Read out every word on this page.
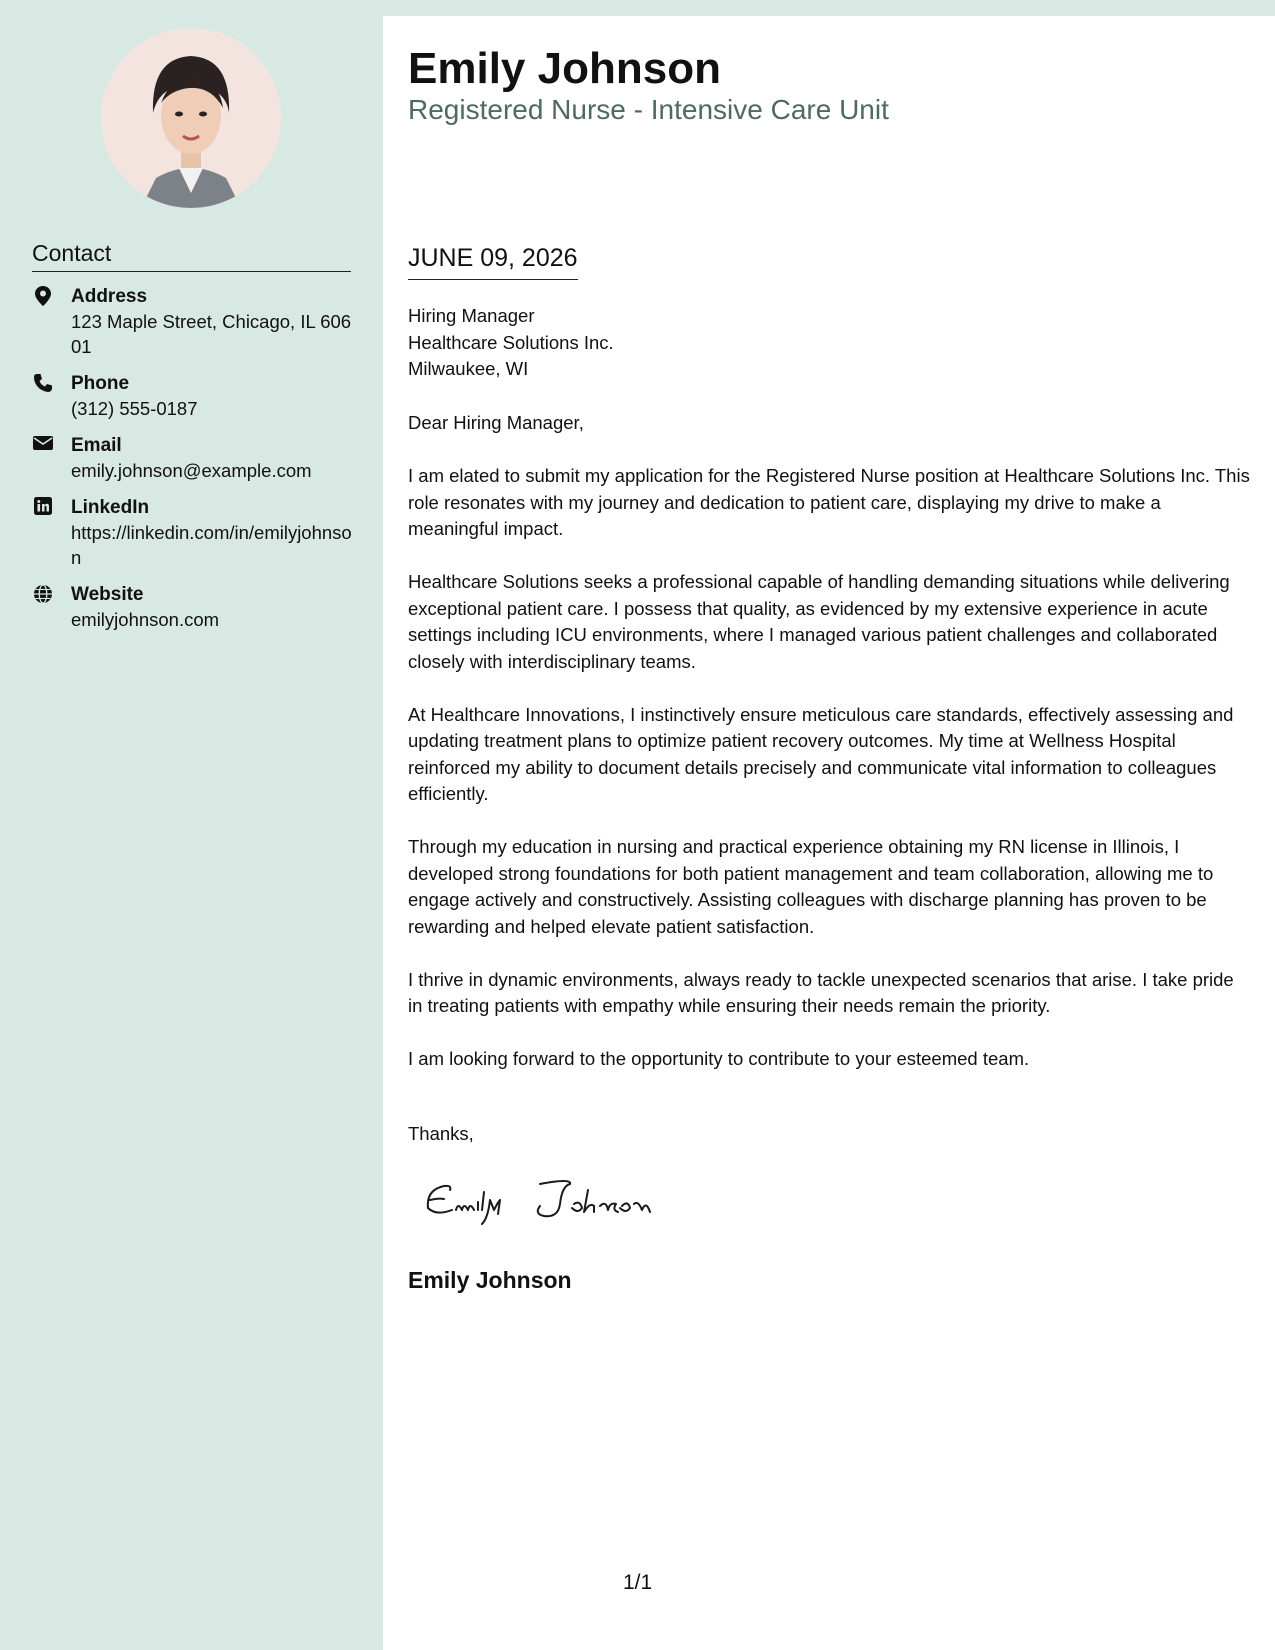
Contact
Address
123 Maple Street, Chicago, IL 60601
Phone
(312) 555-0187
Email
emily.johnson@example.com
LinkedIn
https://linkedin.com/in/emilyjohnson
Website
emilyjohnson.com
Emily Johnson
Registered Nurse - Intensive Care Unit
JUNE 09, 2026
Hiring Manager
Healthcare Solutions Inc.
Milwaukee, WI

Dear Hiring Manager,

I am elated to submit my application for the Registered Nurse position at Healthcare Solutions Inc. This role resonates with my journey and dedication to patient care, displaying my drive to make a meaningful impact.

Healthcare Solutions seeks a professional capable of handling demanding situations while delivering exceptional patient care. I possess that quality, as evidenced by my extensive experience in acute settings including ICU environments, where I managed various patient challenges and collaborated closely with interdisciplinary teams.

At Healthcare Innovations, I instinctively ensure meticulous care standards, effectively assessing and updating treatment plans to optimize patient recovery outcomes. My time at Wellness Hospital reinforced my ability to document details precisely and communicate vital information to colleagues efficiently.

Through my education in nursing and practical experience obtaining my RN license in Illinois, I developed strong foundations for both patient management and team collaboration, allowing me to engage actively and constructively. Assisting colleagues with discharge planning has proven to be rewarding and helped elevate patient satisfaction.

I thrive in dynamic environments, always ready to tackle unexpected scenarios that arise. I take pride in treating patients with empathy while ensuring their needs remain the priority.

I am looking forward to the opportunity to contribute to your esteemed team.

Thanks,
Emily Johnson
1/1
